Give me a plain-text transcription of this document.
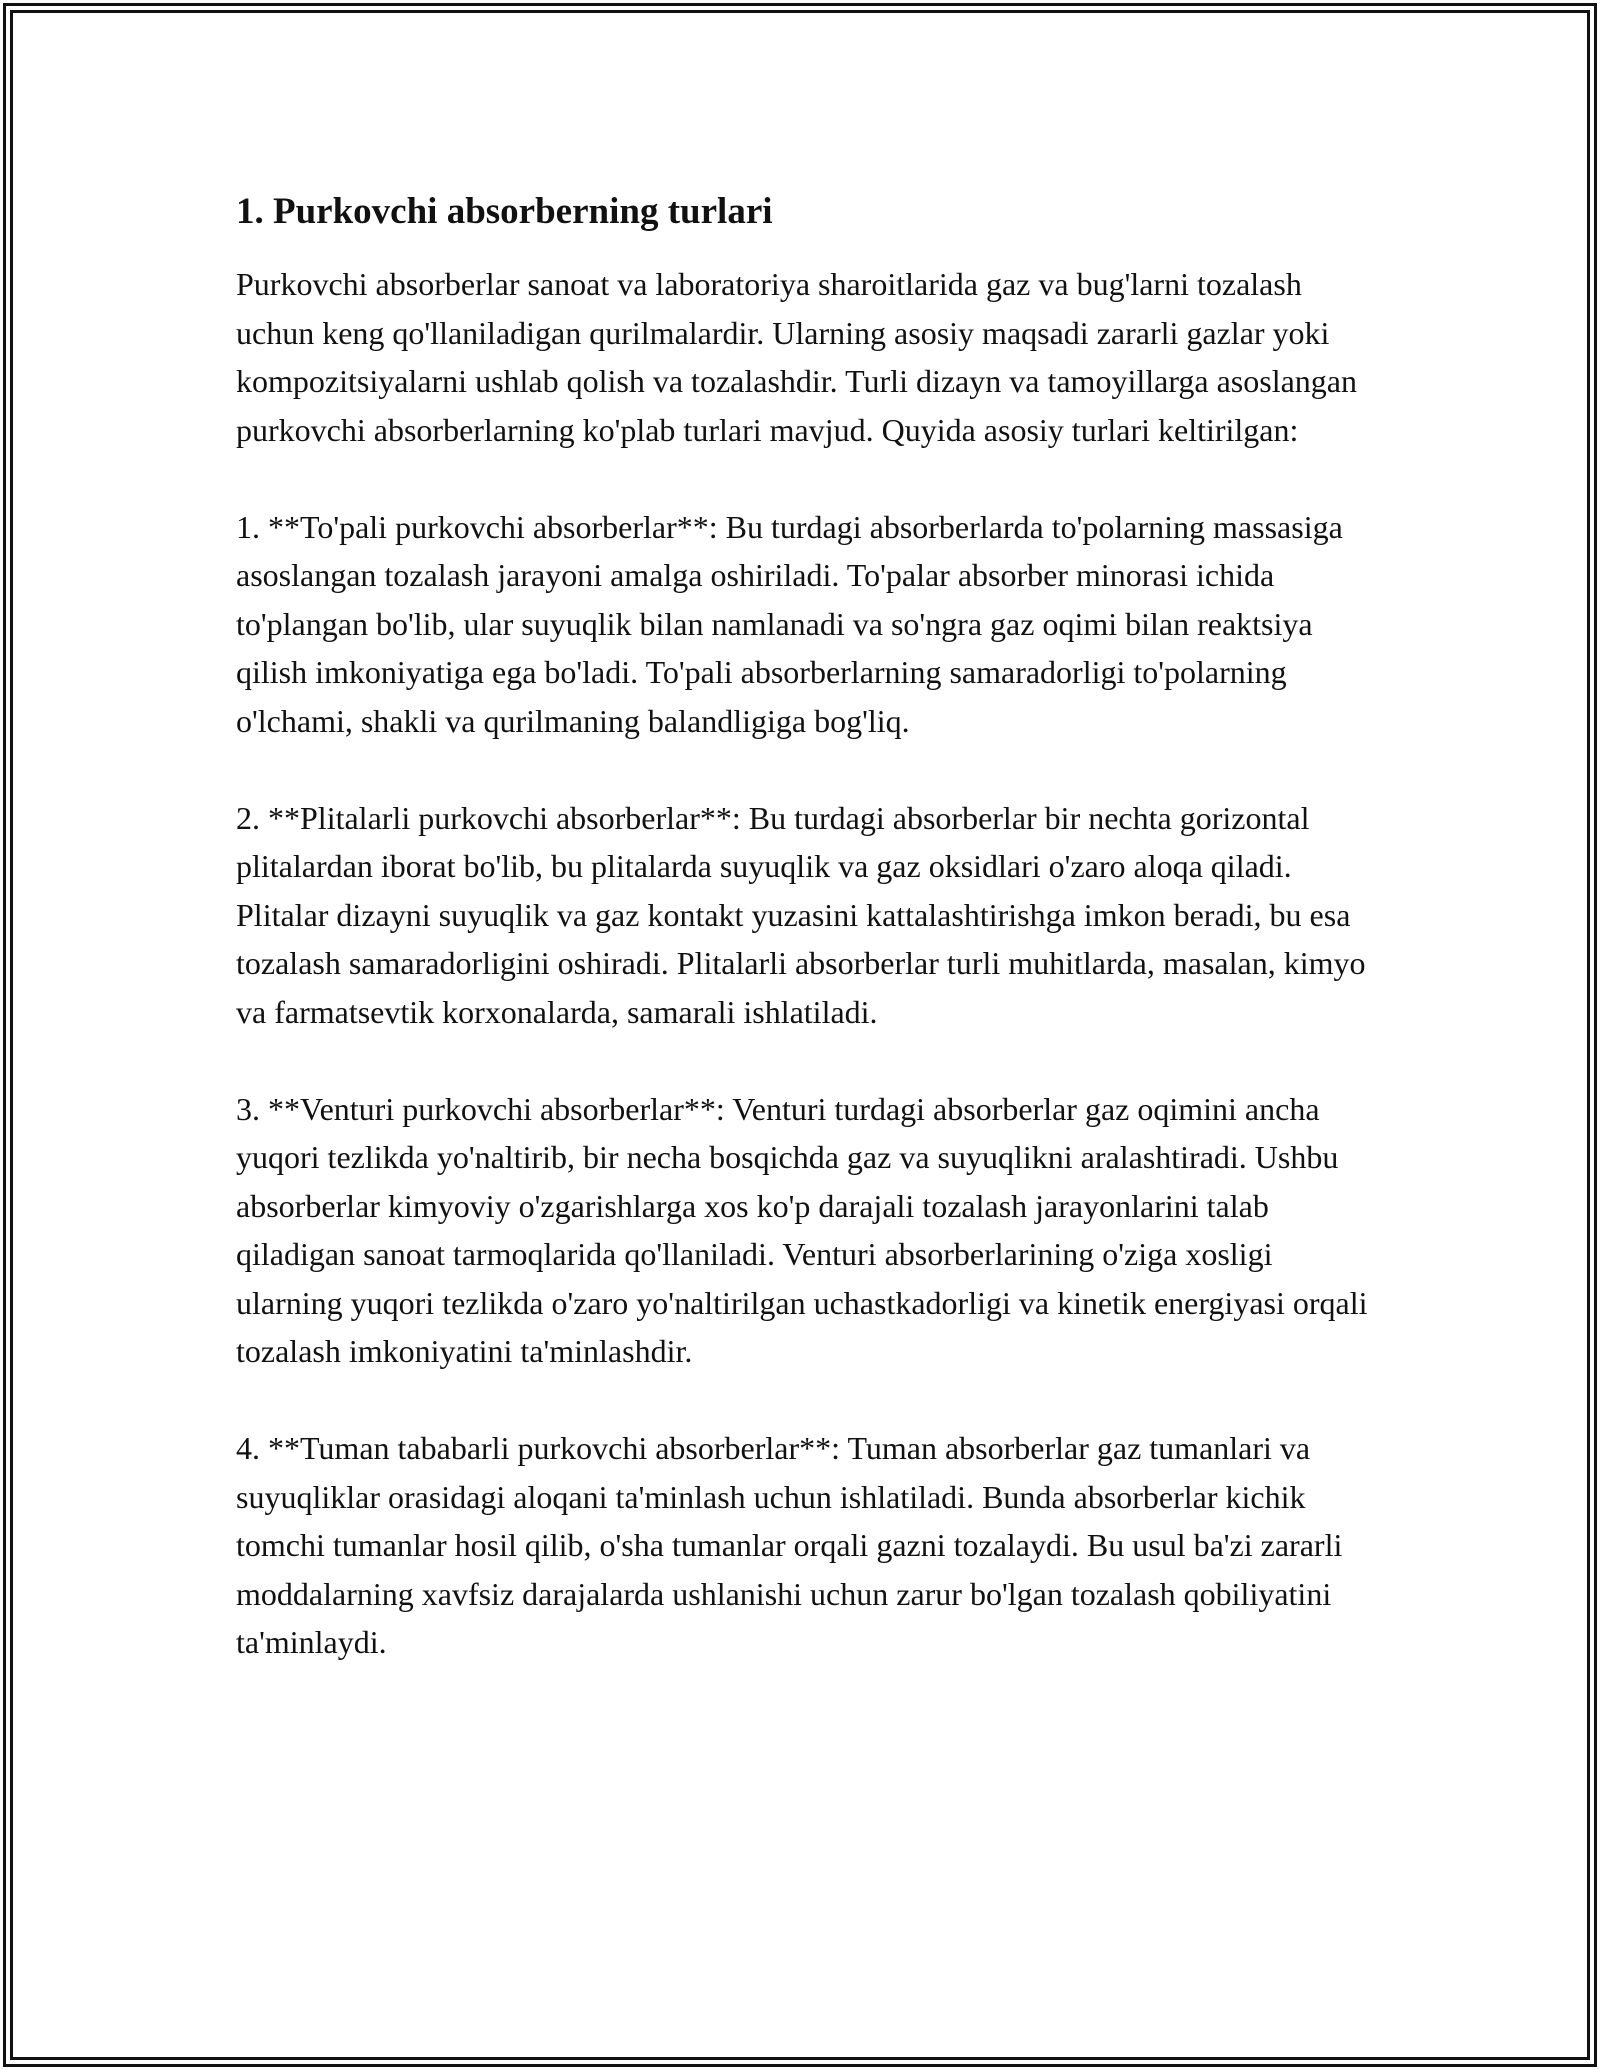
1. Purkovchi absorberning turlari

Purkovchi absorberlar sanoat va laboratoriya sharoitlarida gaz va bug'larni tozalash uchun keng qo'llaniladigan qurilmalardir. Ularning asosiy maqsadi zararli gazlar yoki kompozitsiyalarni ushlab qolish va tozalashdir. Turli dizayn va tamoyillarga asoslangan purkovchi absorberlarning ko'plab turlari mavjud. Quyida asosiy turlari keltirilgan:

1. **To'pali purkovchi absorberlar**: Bu turdagi absorberlarda to'polarning massasiga asoslangan tozalash jarayoni amalga oshiriladi. To'palar absorber minorasi ichida to'plangan bo'lib, ular suyuqlik bilan namlanadi va so'ngra gaz oqimi bilan reaktsiya qilish imkoniyatiga ega bo'ladi. To'pali absorberlarning samaradorligi to'polarning o'lchami, shakli va qurilmaning balandligiga bog'liq.

2. **Plitalarli purkovchi absorberlar**: Bu turdagi absorberlar bir nechta gorizontal plitalardan iborat bo'lib, bu plitalarda suyuqlik va gaz oksidlari o'zaro aloqa qiladi. Plitalar dizayni suyuqlik va gaz kontakt yuzasini kattalashtirishga imkon beradi, bu esa tozalash samaradorligini oshiradi. Plitalarli absorberlar turli muhitlarda, masalan, kimyo va farmatsevtik korxonalarda, samarali ishlatiladi.

3. **Venturi purkovchi absorberlar**: Venturi turdagi absorberlar gaz oqimini ancha yuqori tezlikda yo'naltirib, bir necha bosqichda gaz va suyuqlikni aralashtiradi. Ushbu absorberlar kimyoviy o'zgarishlarga xos ko'p darajali tozalash jarayonlarini talab qiladigan sanoat tarmoqlarida qo'llaniladi. Venturi absorberlarining o'ziga xosligi ularning yuqori tezlikda o'zaro yo'naltirilgan uchastkadorligi va kinetik energiyasi orqali tozalash imkoniyatini ta'minlashdir.

4. **Tuman tababarli purkovchi absorberlar**: Tuman absorberlar gaz tumanlari va suyuqliklar orasidagi aloqani ta'minlash uchun ishlatiladi. Bunda absorberlar kichik tomchi tumanlar hosil qilib, o'sha tumanlar orqali gazni tozalaydi. Bu usul ba'zi zararli moddalarning xavfsiz darajalarda ushlanishi uchun zarur bo'lgan tozalash qobiliyatini ta'minlaydi.
